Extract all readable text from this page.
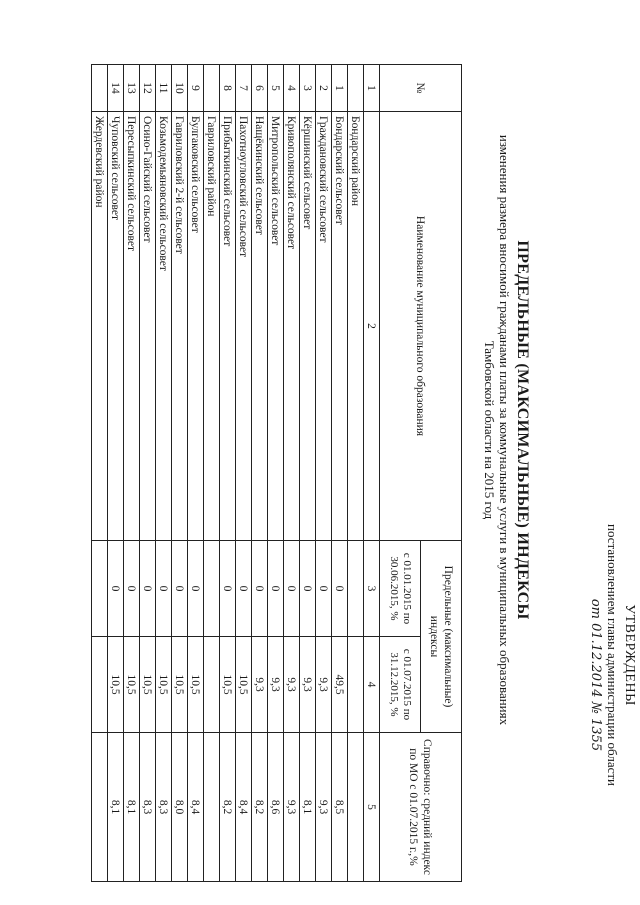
УТВЕРЖДЕНЫ
постановлением главы администрации области
от 01.12.2014 № 1355
ПРЕДЕЛЬНЫЕ (МАКСИМАЛЬНЫЕ) ИНДЕКСЫ
изменения размера вносимой гражданами платы за коммунальные услуги в муниципальных образованиях
Тамбовской области на 2015 год
№	Наименование муниципального образования	Предельные (максимальные) индексы		Справочно: средний индекс по МО с 01.07.2015 г.,%
		с 01.01.2015 по 30.06.2015, %	с 01.07.2015 по 31.12.2015, %	
1	2	3	4	5
	Бондарский район			
1	Бондарский сельсовет	0	49,5	8,5
2	Граждановский сельсовет	0	9,3	9,3
3	Кёршинский сельсовет	0	9,3	8,1
4	Кривополянский сельсовет	0	9,3	9,3
5	Митропольский сельсовет	0	9,3	8,6
6	Нащёкинский сельсовет	0	9,3	8,2
7	Пахотноугловский сельсовет	0	10,5	8,4
8	Прибыткинский сельсовет	0	10,5	8,2
	Гавриловский район			
9	Булгаковский сельсовет	0	10,5	8,4
10	Гавриловский 2-й сельсовет	0	10,5	8,0
11	Козьмодемьяновский сельсовет	0	10,5	8,3
12	Осино-Гайский сельсовет	0	10,5	8,3
13	Пересыпкинский сельсовет	0	10,5	8,1
14	Чуповский сельсовет	0	10,5	8,1
	Жердевский район			
